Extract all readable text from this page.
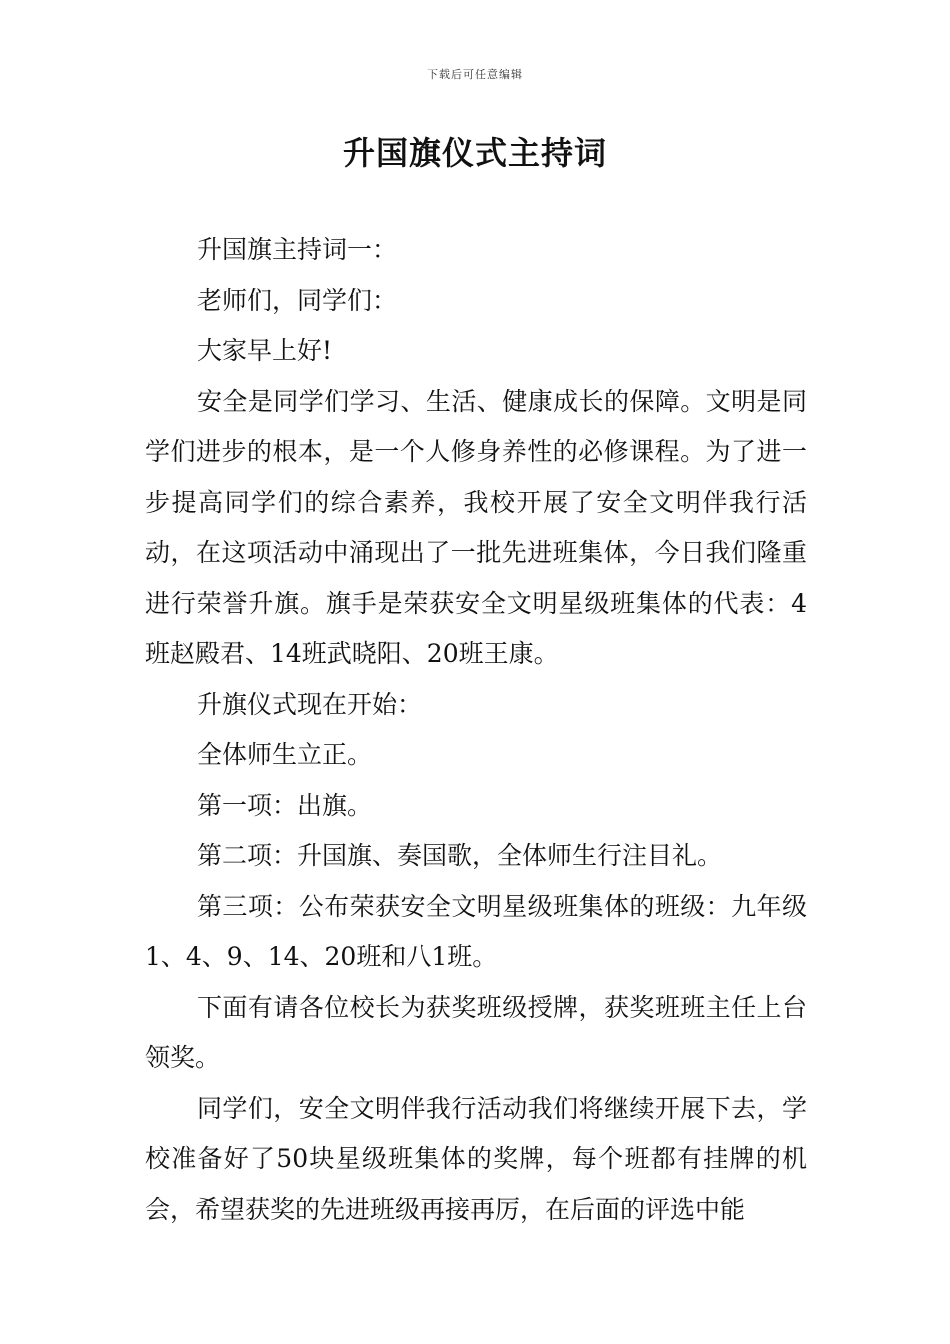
下载后可任意编辑
升国旗仪式主持词

升国旗主持词一：

老师们，同学们：

大家早上好!

安全是同学们学习、生活、健康成长的保障。文明是同学们进步的根本，是一个人修身养性的必修课程。为了进一步提高同学们的综合素养，我校开展了安全文明伴我行活动，在这项活动中涌现出了一批先进班集体，今日我们隆重进行荣誉升旗。旗手是荣获安全文明星级班集体的代表：4班赵殿君、14班武晓阳、20班王康。

升旗仪式现在开始：

全体师生立正。

第一项：出旗。

第二项：升国旗、奏国歌，全体师生行注目礼。

第三项：公布荣获安全文明星级班集体的班级：九年级1、4、9、14、20班和八1班。

下面有请各位校长为获奖班级授牌，获奖班班主任上台领奖。

同学们，安全文明伴我行活动我们将继续开展下去，学校准备好了50块星级班集体的奖牌，每个班都有挂牌的机会，希望获奖的先进班级再接再厉，在后面的评选中能
